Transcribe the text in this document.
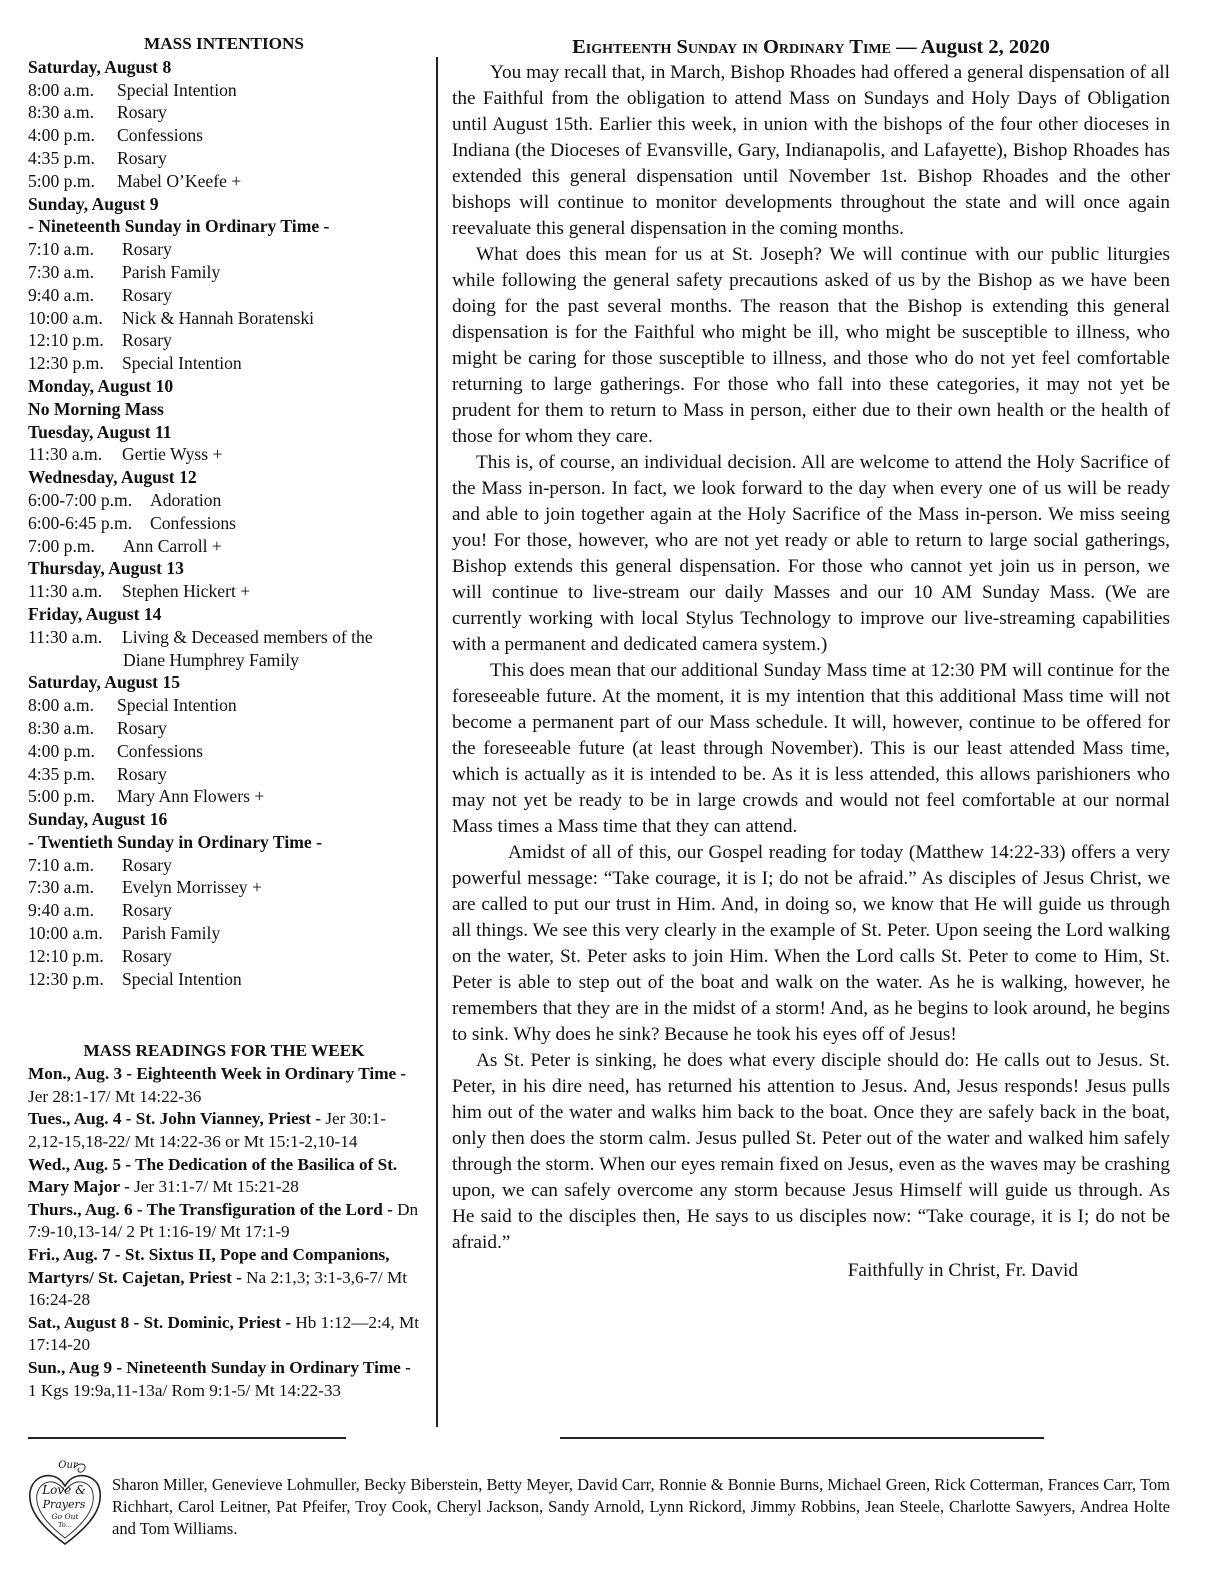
MASS INTENTIONS
Saturday, August 8
8:00 a.m. Special Intention
8:30 a.m. Rosary
4:00 p.m. Confessions
4:35 p.m. Rosary
5:00 p.m. Mabel O’Keefe +
Sunday, August 9
- Nineteenth Sunday in Ordinary Time -
7:10 a.m. Rosary
7:30 a.m. Parish Family
9:40 a.m. Rosary
10:00 a.m. Nick & Hannah Boratenski
12:10 p.m. Rosary
12:30 p.m. Special Intention
Monday, August 10
No Morning Mass
Tuesday, August 11
11:30 a.m. Gertie Wyss +
Wednesday, August 12
6:00-7:00 p.m. Adoration
6:00-6:45 p.m. Confessions
7:00 p.m. Ann Carroll +
Thursday, August 13
11:30 a.m. Stephen Hickert +
Friday, August 14
11:30 a.m. Living & Deceased members of the
Diane Humphrey Family
Saturday, August 15
8:00 a.m. Special Intention
8:30 a.m. Rosary
4:00 p.m. Confessions
4:35 p.m. Rosary
5:00 p.m. Mary Ann Flowers +
Sunday, August 16
- Twentieth Sunday in Ordinary Time -
7:10 a.m. Rosary
7:30 a.m. Evelyn Morrissey +
9:40 a.m. Rosary
10:00 a.m. Parish Family
12:10 p.m. Rosary
12:30 p.m. Special Intention
MASS READINGS FOR THE WEEK
Mon., Aug. 3 - Eighteenth Week in Ordinary Time - Jer 28:1-17/ Mt 14:22-36
Tues., Aug. 4 - St. John Vianney, Priest - Jer 30:1-2,12-15,18-22/ Mt 14:22-36 or Mt 15:1-2,10-14
Wed., Aug. 5 - The Dedication of the Basilica of St. Mary Major - Jer 31:1-7/ Mt 15:21-28
Thurs., Aug. 6 - The Transfiguration of the Lord - Dn 7:9-10,13-14/ 2 Pt 1:16-19/ Mt 17:1-9
Fri., Aug. 7 - St. Sixtus II, Pope and Companions, Martyrs/ St. Cajetan, Priest - Na 2:1,3; 3:1-3,6-7/ Mt 16:24-28
Sat., August 8 - St. Dominic, Priest - Hb 1:12—2:4, Mt 17:14-20
Sun., Aug 9 - Nineteenth Sunday in Ordinary Time - 1 Kgs 19:9a,11-13a/ Rom 9:1-5/ Mt 14:22-33
Eighteenth Sunday in Ordinary Time — August 2, 2020

You may recall that, in March, Bishop Rhoades had offered a general dispensation of all the Faithful from the obligation to attend Mass on Sundays and Holy Days of Obligation until August 15th. Earlier this week, in union with the bishops of the four other dioceses in Indiana (the Dioceses of Evansville, Gary, Indianapolis, and Lafayette), Bishop Rhoades has extended this general dispensation until November 1st. Bishop Rhoades and the other bishops will continue to monitor developments throughout the state and will once again reevaluate this general dispensation in the coming months.

What does this mean for us at St. Joseph? We will continue with our public liturgies while following the general safety precautions asked of us by the Bishop as we have been doing for the past several months. The reason that the Bishop is extending this general dispensation is for the Faithful who might be ill, who might be susceptible to illness, who might be caring for those susceptible to illness, and those who do not yet feel comfortable returning to large gatherings. For those who fall into these categories, it may not yet be prudent for them to return to Mass in person, either due to their own health or the health of those for whom they care.

This is, of course, an individual decision. All are welcome to attend the Holy Sacrifice of the Mass in-person. In fact, we look forward to the day when every one of us will be ready and able to join together again at the Holy Sacrifice of the Mass in-person. We miss seeing you! For those, however, who are not yet ready or able to return to large social gatherings, Bishop extends this general dispensation. For those who cannot yet join us in person, we will continue to live-stream our daily Masses and our 10 AM Sunday Mass. (We are currently working with local Stylus Technology to improve our live-streaming capabilities with a permanent and dedicated camera system.)

This does mean that our additional Sunday Mass time at 12:30 PM will continue for the foreseeable future. At the moment, it is my intention that this additional Mass time will not become a permanent part of our Mass schedule. It will, however, continue to be offered for the foreseeable future (at least through November). This is our least attended Mass time, which is actually as it is intended to be. As it is less attended, this allows parishioners who may not yet be ready to be in large crowds and would not feel comfortable at our normal Mass times a Mass time that they can attend.

Amidst of all of this, our Gospel reading for today (Matthew 14:22-33) offers a very powerful message: “Take courage, it is I; do not be afraid.” As disciples of Jesus Christ, we are called to put our trust in Him. And, in doing so, we know that He will guide us through all things. We see this very clearly in the example of St. Peter. Upon seeing the Lord walking on the water, St. Peter asks to join Him. When the Lord calls St. Peter to come to Him, St. Peter is able to step out of the boat and walk on the water. As he is walking, however, he remembers that they are in the midst of a storm! And, as he begins to look around, he begins to sink. Why does he sink? Because he took his eyes off of Jesus!

As St. Peter is sinking, he does what every disciple should do: He calls out to Jesus. St. Peter, in his dire need, has returned his attention to Jesus. And, Jesus responds! Jesus pulls him out of the water and walks him back to the boat. Once they are safely back in the boat, only then does the storm calm. Jesus pulled St. Peter out of the water and walked him safely through the storm. When our eyes remain fixed on Jesus, even as the waves may be crashing upon, we can safely overcome any storm because Jesus Himself will guide us through. As He said to the disciples then, He says to us disciples now: “Take courage, it is I; do not be afraid.”

Faithfully in Christ, Fr. David
Our
Love &
Prayers
Go Out
To...
Sharon Miller, Genevieve Lohmuller, Becky Biberstein, Betty Meyer, David Carr, Ronnie & Bonnie Burns, Michael Green, Rick Cotterman, Frances Carr, Tom Richhart, Carol Leitner, Pat Pfeifer, Troy Cook, Cheryl Jackson, Sandy Arnold, Lynn Rickord, Jimmy Robbins, Jean Steele, Charlotte Sawyers, Andrea Holte and Tom Williams.
